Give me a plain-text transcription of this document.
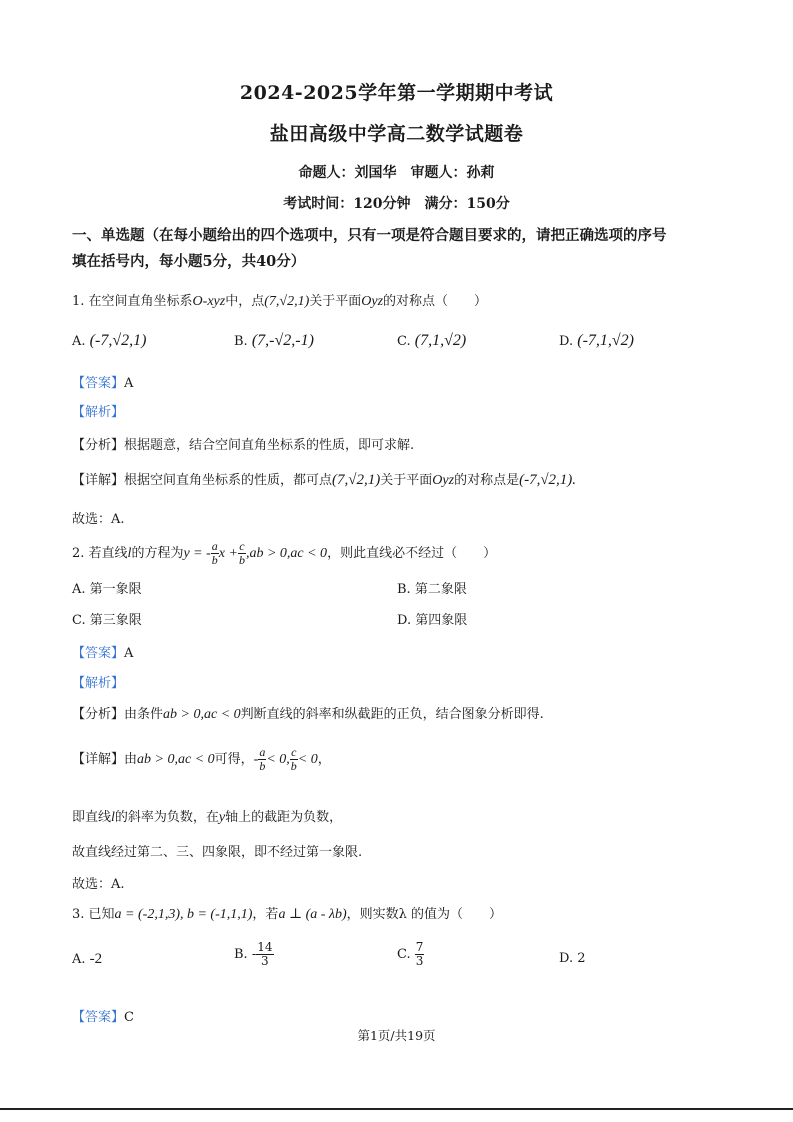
2024-2025学年第一学期期中考试
盐田高级中学高二数学试题卷
命题人：刘国华　审题人：孙莉
考试时间：120分钟　满分：150分
一、单选题（在每小题给出的四个选项中，只有一项是符合题目要求的，请把正确选项的序号
填在括号内，每小题5分，共40分）
1. 在空间直角坐标系O-xyz中，点(7,√2,1)关于平面Oyz的对称点（　　）
A. (-7,√2,1)	B. (7,-√2,-1)	C. (7,1,√2)	D. (-7,1,√2)
【答案】A
【解析】
【分析】根据题意，结合空间直角坐标系的性质，即可求解.
【详解】根据空间直角坐标系的性质，都可点(7,√2,1)关于平面Oyz的对称点是(-7,√2,1).
故选：A.
2. 若直线l的方程为y = - $\frac{a}{b}$ $x + \frac{c}{b} ,ab > 0,ac < 0$，则此直线必不经过（　　）
A. 第一象限	B. 第二象限
C. 第三象限	D. 第四象限
【答案】A
【解析】
【分析】由条件ab > 0,ac < 0判断直线的斜率和纵截距的正负，结合图象分析即得.
【详解】由ab > 0,ac < 0可得，- $\frac{a}{b} < 0$, $\frac{c}{b} < 0$，
即直线l的斜率为负数，在y轴上的截距为负数，
故直线经过第二、三、四象限，即不经过第一象限.
故选：A.
3. 已知a = (-2,1,3), b = (-1,1,1)，若a ⊥ (a - λb)，则实数λ 的值为（　　）
A. -2	B. - $\frac{14}{3}$	C. $\frac{7}{3}$	D. 2
【答案】C
第1页/共19页
